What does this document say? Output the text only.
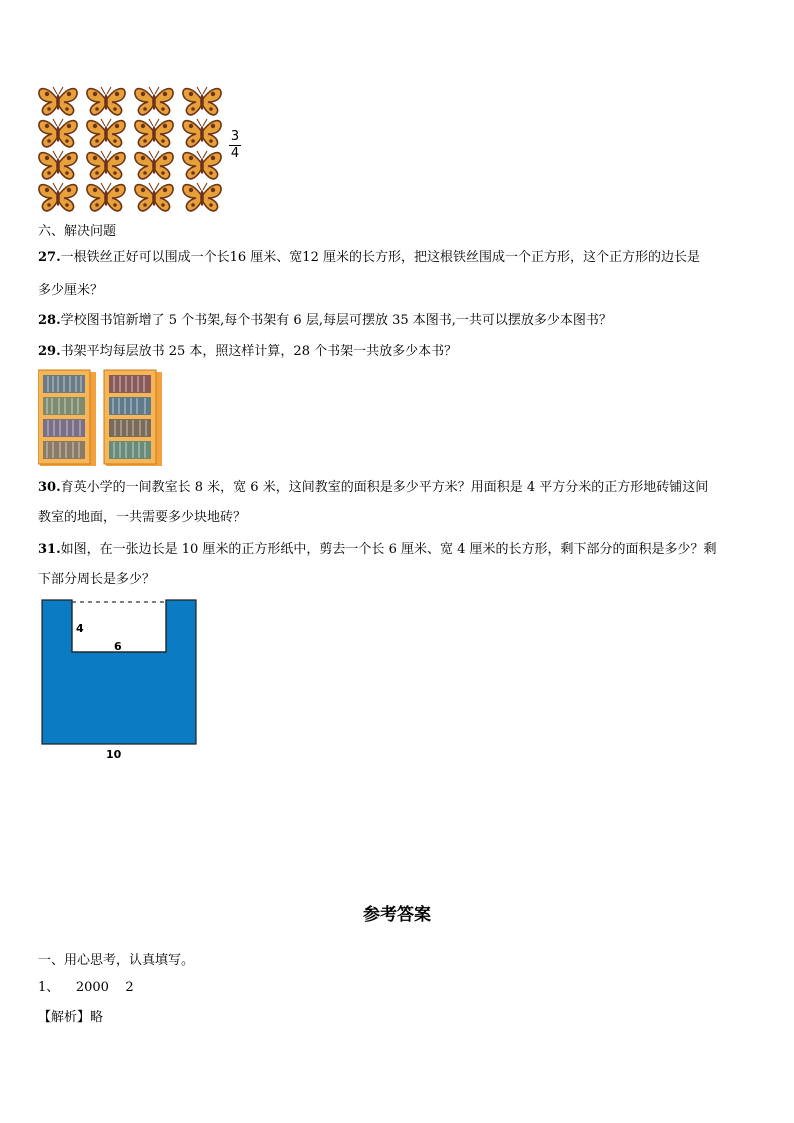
3
4
六、解决问题
27.一根铁丝正好可以围成一个长16 厘米、宽12 厘米的长方形，把这根铁丝围成一个正方形，这个正方形的边长是
多少厘米？
28.学校图书馆新增了 5 个书架,每个书架有 6 层,每层可摆放 35 本图书,一共可以摆放多少本图书？
29.书架平均每层放书 25 本，照这样计算，28 个书架一共放多少本书？
30.育英小学的一间教室长 8 米，宽 6 米，这间教室的面积是多少平方米？用面积是 4 平方分米的正方形地砖铺这间
教室的地面，一共需要多少块地砖？
31.如图，在一张边长是 10 厘米的正方形纸中，剪去一个长 6 厘米、宽 4 厘米的长方形，剩下部分的面积是多少？剩
下部分周长是多少？
4
6
10
参考答案
一、用心思考，认真填写。
1、 2000    2
【解析】略
